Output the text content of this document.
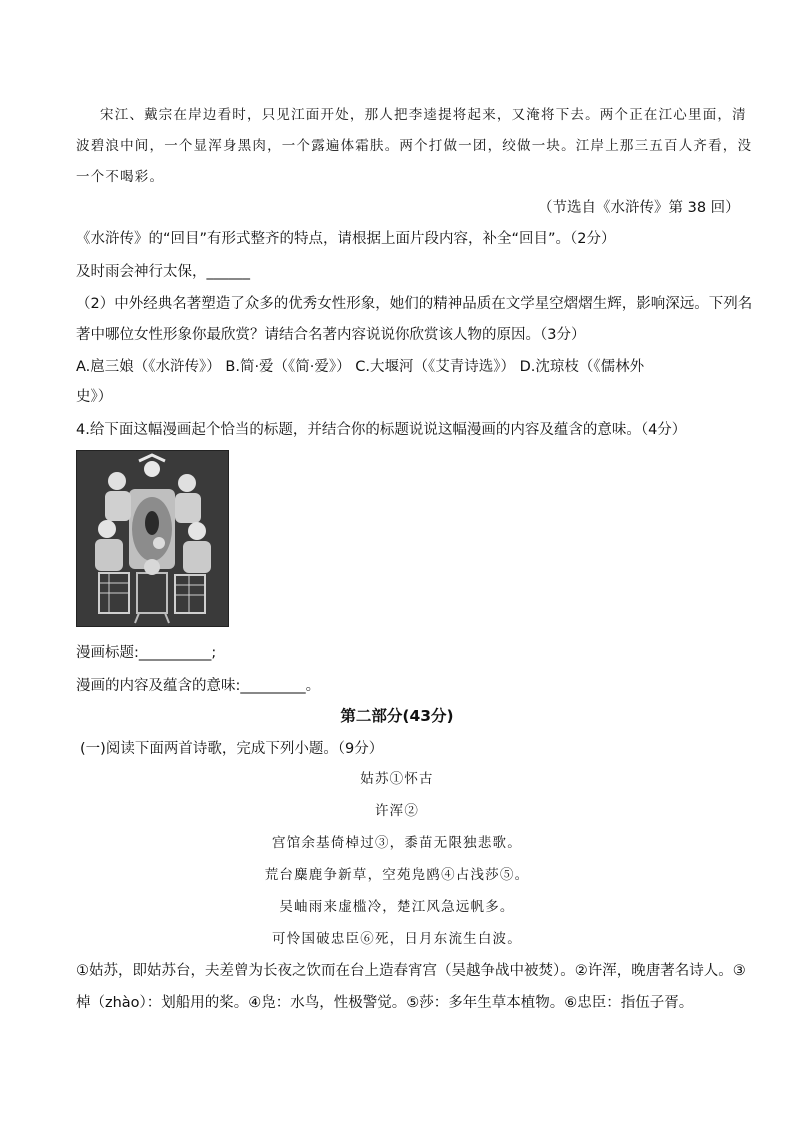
宋江、戴宗在岸边看时，只见江面开处，那人把李逵提将起来，又淹将下去。两个正在江心里面，清
波碧浪中间，一个显浑身黑肉，一个露遍体霜肤。两个打做一团，绞做一块。江岸上那三五百人齐看，没
一个不喝彩。
（节选自《水浒传》第 38 回）
《水浒传》的“回目”有形式整齐的特点，请根据上面片段内容，补全“回目”。（2分）
及时雨会神行太保，______
（2）中外经典名著塑造了众多的优秀女性形象，她们的精神品质在文学星空熠熠生辉，影响深远。下列名
著中哪位女性形象你最欣赏？请结合名著内容说说你欣赏该人物的原因。（3分）
A.扈三娘（《水浒传》） B.简·爱（《简·爱》） C.大堰河（《艾青诗选》） D.沈琼枝（《儒林外
史》）
4.给下面这幅漫画起个恰当的标题，并结合你的标题说说这幅漫画的内容及蕴含的意味。（4分）
漫画标题:__________;
漫画的内容及蕴含的意味:_________。
第二部分(43分)
(一)阅读下面两首诗歌，完成下列小题。（9分）
姑苏①怀古
许浑②
宫馆余基倚棹过③，黍苗无限独悲歌。
荒台麋鹿争新草，空苑凫鸥④占浅莎⑤。
吴岫雨来虚槛冷，楚江风急远帆多。
可怜国破忠臣⑥死，日月东流生白波。
①姑苏，即姑苏台，夫差曾为长夜之饮而在台上造春宵宫（吴越争战中被焚）。②许浑，晚唐著名诗人。③
棹（zhào）：划船用的桨。④凫：水鸟，性极警觉。⑤莎：多年生草本植物。⑥忠臣：指伍子胥。
